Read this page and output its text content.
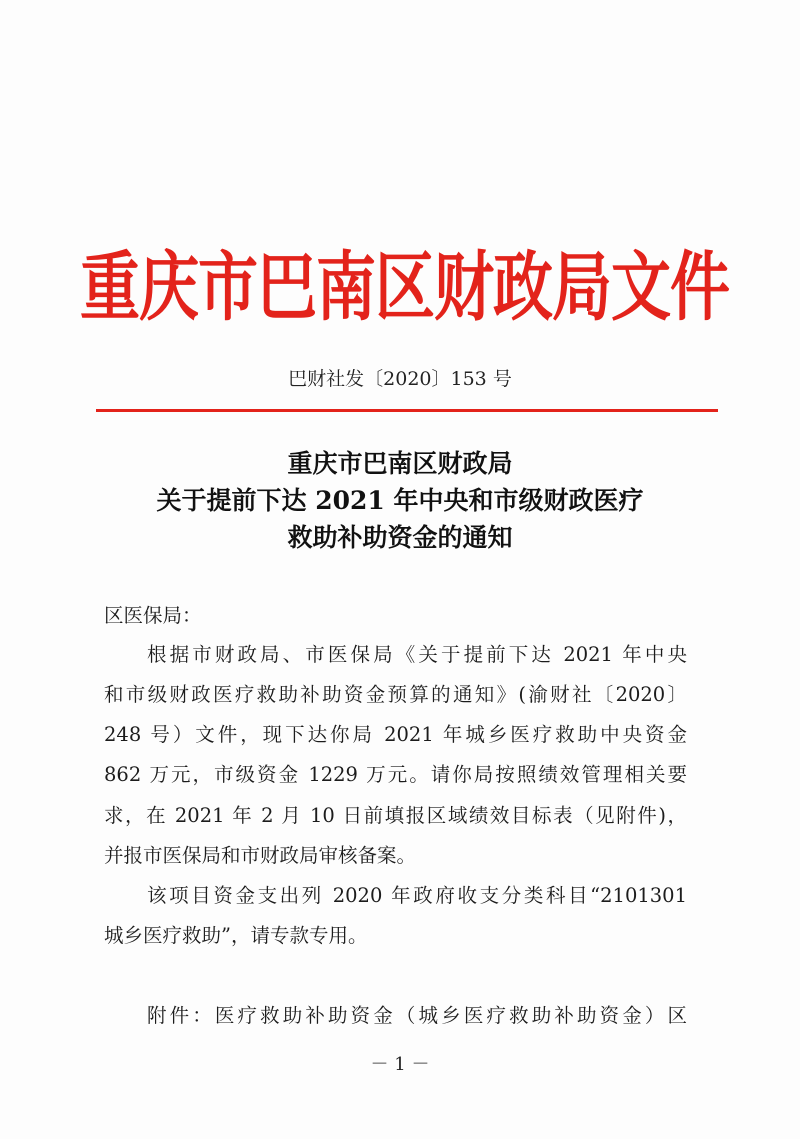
重庆市巴南区财政局文件
巴财社发〔2020〕153 号
重庆市巴南区财政局
关于提前下达 2021 年中央和市级财政医疗
救助补助资金的通知
区医保局：
根据市财政局、市医保局《关于提前下达 2021 年中央
和市级财政医疗救助补助资金预算的通知》(渝财社〔2020〕
248 号）文件，现下达你局 2021 年城乡医疗救助中央资金
862 万元，市级资金 1229 万元。请你局按照绩效管理相关要
求，在 2021 年 2 月 10 日前填报区域绩效目标表（见附件)，
并报市医保局和市财政局审核备案。
该项目资金支出列 2020 年政府收支分类科目“2101301
城乡医疗救助”，请专款专用。
附件：医疗救助补助资金（城乡医疗救助补助资金）区
－ 1 －
